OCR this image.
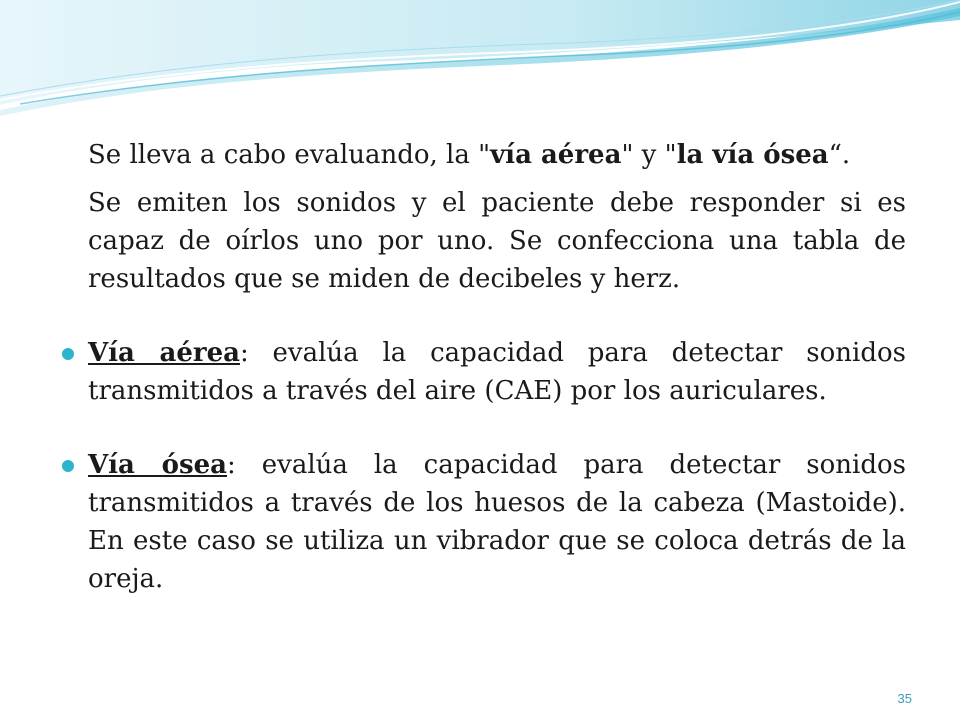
Se lleva a cabo evaluando, la "vía aérea" y "la vía ósea“.

Se emiten los sonidos y el paciente debe responder si es capaz de oírlos uno por uno. Se confecciona una tabla de resultados que se miden de decibeles y herz.

Vía aérea: evalúa la capacidad para detectar sonidos transmitidos a través del aire (CAE) por los auriculares.

Vía ósea: evalúa la capacidad para detectar sonidos transmitidos a través de los huesos de la cabeza (Mastoide). En este caso se utiliza un vibrador que se coloca detrás de la oreja.

35
